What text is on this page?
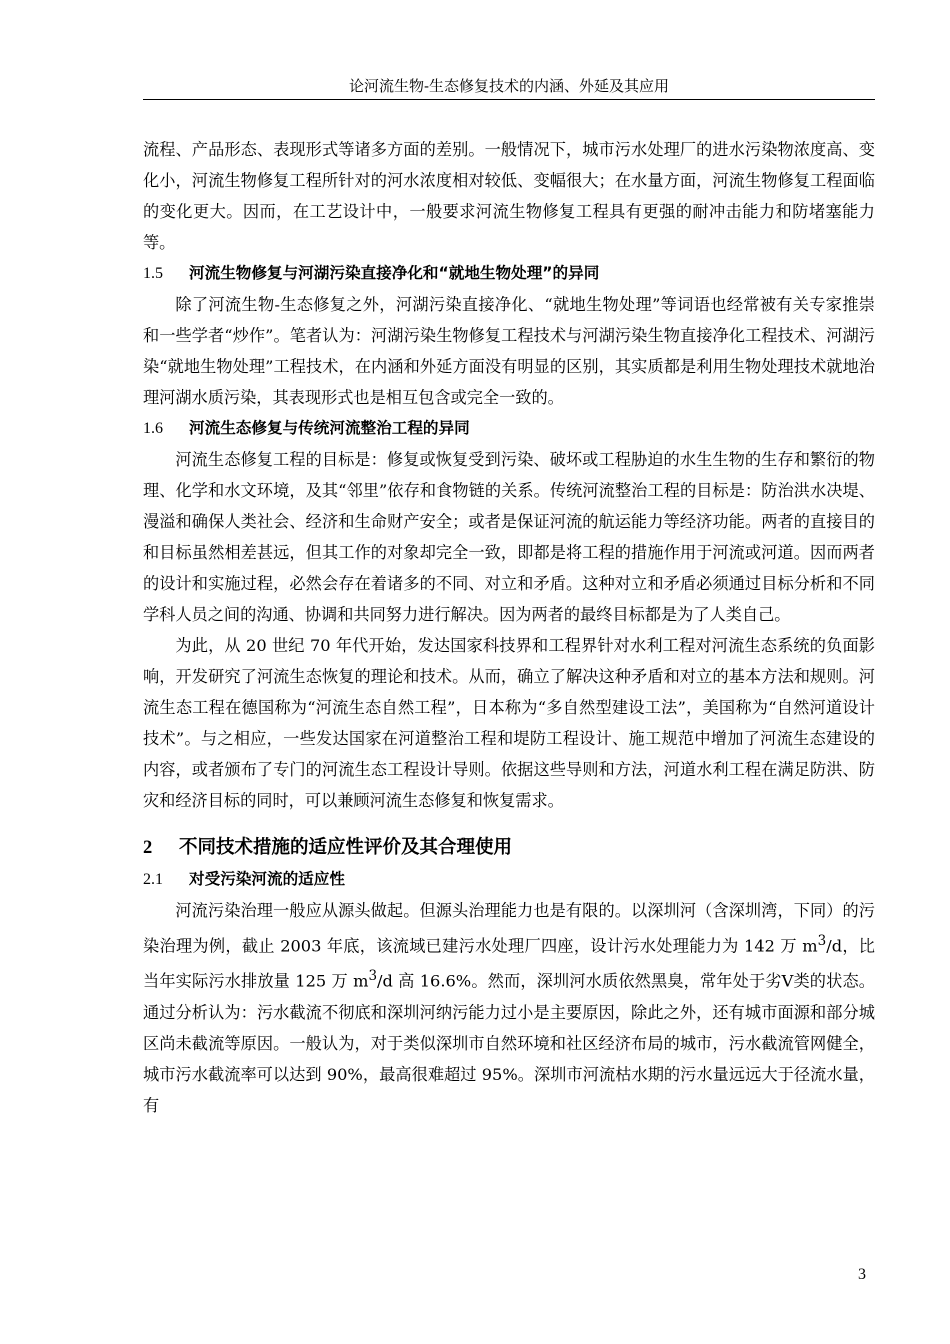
论河流生物-生态修复技术的内涵、外延及其应用

流程、产品形态、表现形式等诸多方面的差别。一般情况下，城市污水处理厂的进水污染物浓度高、变化小，河流生物修复工程所针对的河水浓度相对较低、变幅很大；在水量方面，河流生物修复工程面临的变化更大。因而，在工艺设计中，一般要求河流生物修复工程具有更强的耐冲击能力和防堵塞能力等。

1.5 河流生物修复与河湖污染直接净化和“就地生物处理”的异同

除了河流生物-生态修复之外，河湖污染直接净化、“就地生物处理”等词语也经常被有关专家推崇和一些学者“炒作”。笔者认为：河湖污染生物修复工程技术与河湖污染生物直接净化工程技术、河湖污染“就地生物处理”工程技术，在内涵和外延方面没有明显的区别，其实质都是利用生物处理技术就地治理河湖水质污染，其表现形式也是相互包含或完全一致的。

1.6 河流生态修复与传统河流整治工程的异同

河流生态修复工程的目标是：修复或恢复受到污染、破坏或工程胁迫的水生生物的生存和繁衍的物理、化学和水文环境，及其“邻里”依存和食物链的关系。传统河流整治工程的目标是：防治洪水决堤、漫溢和确保人类社会、经济和生命财产安全；或者是保证河流的航运能力等经济功能。两者的直接目的和目标虽然相差甚远，但其工作的对象却完全一致，即都是将工程的措施作用于河流或河道。因而两者的设计和实施过程，必然会存在着诸多的不同、对立和矛盾。这种对立和矛盾必须通过目标分析和不同学科人员之间的沟通、协调和共同努力进行解决。因为两者的最终目标都是为了人类自己。

为此，从 20 世纪 70 年代开始，发达国家科技界和工程界针对水利工程对河流生态系统的负面影响，开发研究了河流生态恢复的理论和技术。从而，确立了解决这种矛盾和对立的基本方法和规则。河流生态工程在德国称为“河流生态自然工程”，日本称为“多自然型建设工法”，美国称为“自然河道设计技术”。与之相应，一些发达国家在河道整治工程和堤防工程设计、施工规范中增加了河流生态建设的内容，或者颁布了专门的河流生态工程设计导则。依据这些导则和方法，河道水利工程在满足防洪、防灾和经济目标的同时，可以兼顾河流生态修复和恢复需求。

2 不同技术措施的适应性评价及其合理使用

2.1 对受污染河流的适应性

河流污染治理一般应从源头做起。但源头治理能力也是有限的。以深圳河（含深圳湾，下同）的污染治理为例，截止 2003 年底，该流域已建污水处理厂四座，设计污水处理能力为 142 万 $m^3/d$，比当年实际污水排放量 125 万 $m^3/d$ 高 16.6%。然而，深圳河水质依然黑臭，常年处于劣Ⅴ类的状态。通过分析认为：污水截流不彻底和深圳河纳污能力过小是主要原因，除此之外，还有城市面源和部分城区尚未截流等原因。一般认为，对于类似深圳市自然环境和社区经济布局的城市，污水截流管网健全，城市污水截流率可以达到 90%，最高很难超过 95%。深圳市河流枯水期的污水量远远大于径流水量，有

3
